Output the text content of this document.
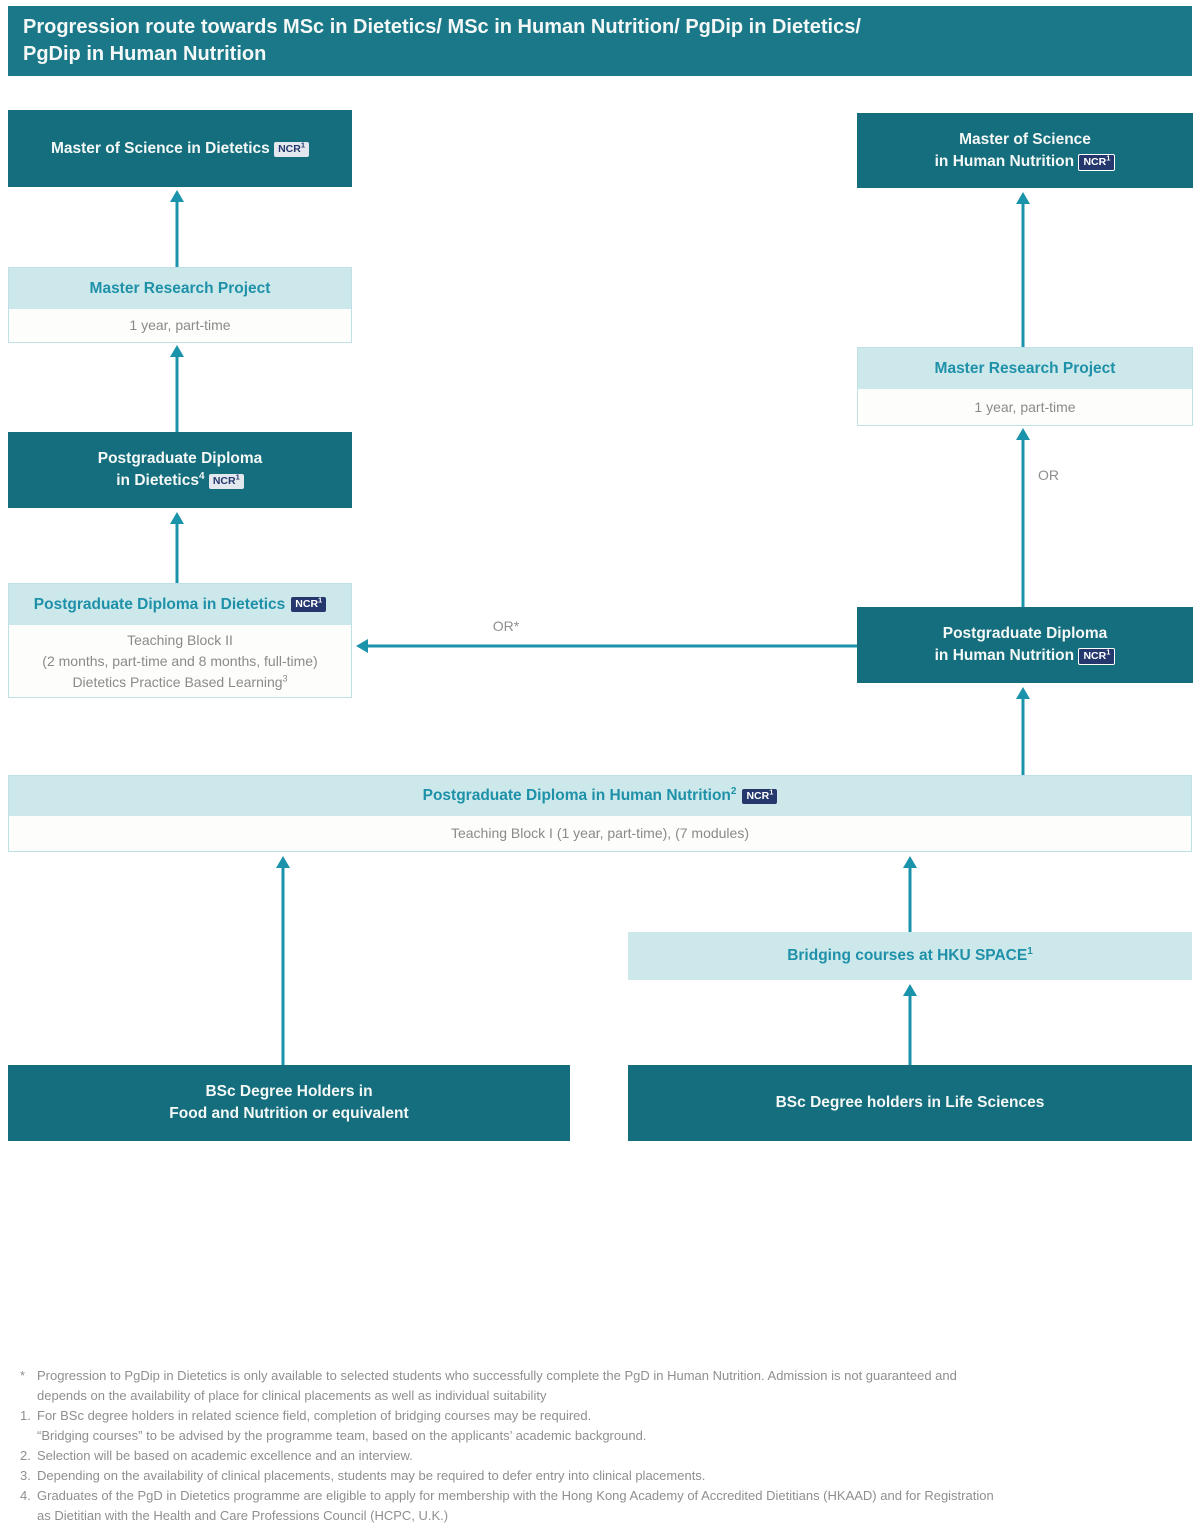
Progression route towards MSc in Dietetics/ MSc in Human Nutrition/ PgDip in Dietetics/
PgDip in Human Nutrition
Master of Science in Dietetics NCR$^1$
Master Research Project
1 year, part-time
Postgraduate Diploma
in Dietetics$^4$ NCR$^1$
Postgraduate Diploma in Dietetics NCR$^1$
Teaching Block II
(2 months, part-time and 8 months, full-time)
Dietetics Practice Based Learning$^3$
Master of Science
in Human Nutrition NCR$^1$
Master Research Project
1 year, part-time
OR
Postgraduate Diploma
in Human Nutrition NCR$^1$
OR*
Postgraduate Diploma in Human Nutrition$^2$ NCR$^1$
Teaching Block I (1 year, part-time), (7 modules)
Bridging courses at HKU SPACE$^1$
BSc Degree Holders in
Food and Nutrition or equivalent
BSc Degree holders in Life Sciences
* Progression to PgDip in Dietetics is only available to selected students who successfully complete the PgD in Human Nutrition. Admission is not guaranteed and
depends on the availability of place for clinical placements as well as individual suitability
1. For BSc degree holders in related science field, completion of bridging courses may be required.
“Bridging courses” to be advised by the programme team, based on the applicants’ academic background.
2. Selection will be based on academic excellence and an interview.
3. Depending on the availability of clinical placements, students may be required to defer entry into clinical placements.
4. Graduates of the PgD in Dietetics programme are eligible to apply for membership with the Hong Kong Academy of Accredited Dietitians (HKAAD) and for Registration
as Dietitian with the Health and Care Professions Council (HCPC, U.K.)
